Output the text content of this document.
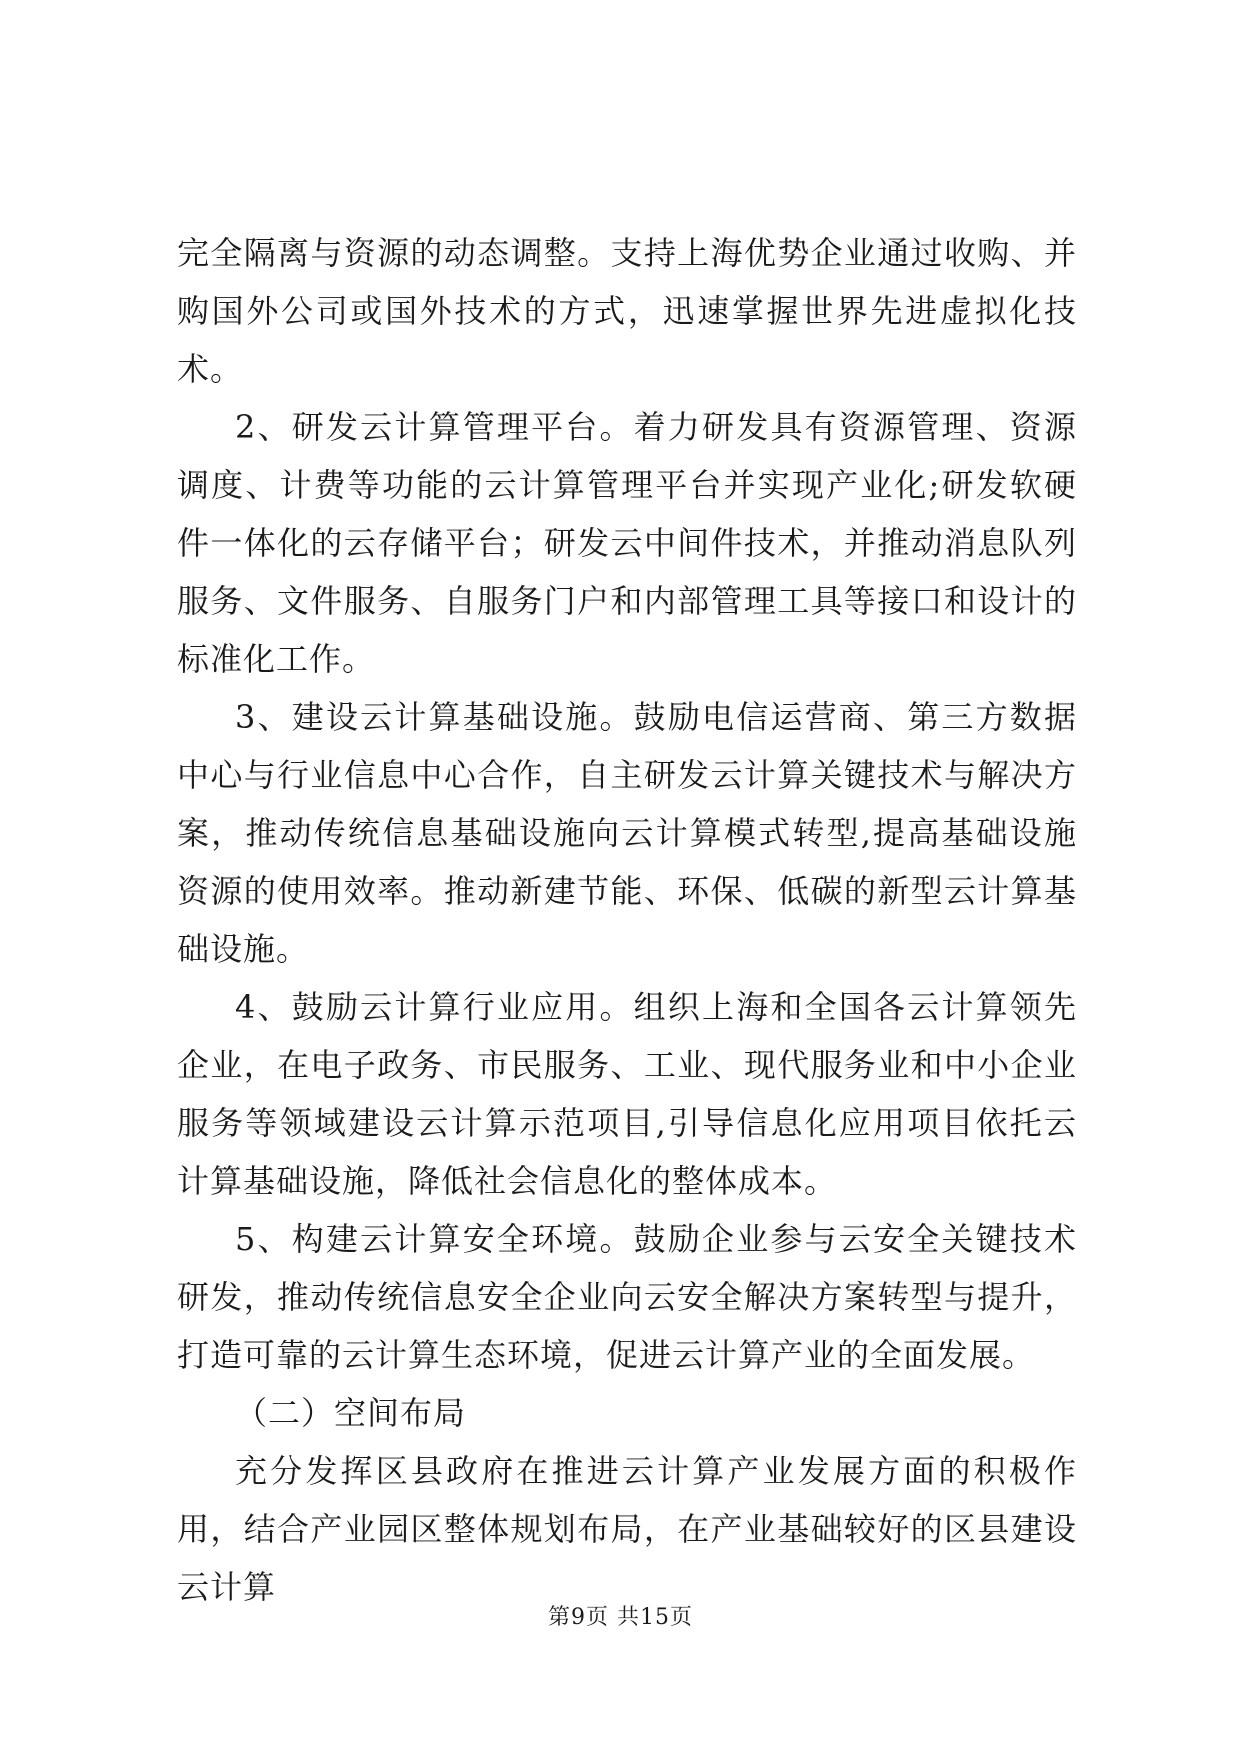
完全隔离与资源的动态调整。支持上海优势企业通过收购、并购国外公司或国外技术的方式，迅速掌握世界先进虚拟化技术。

2、研发云计算管理平台。着力研发具有资源管理、资源调度、计费等功能的云计算管理平台并实现产业化;研发软硬件一体化的云存储平台；研发云中间件技术，并推动消息队列服务、文件服务、自服务门户和内部管理工具等接口和设计的标准化工作。

3、建设云计算基础设施。鼓励电信运营商、第三方数据中心与行业信息中心合作，自主研发云计算关键技术与解决方案，推动传统信息基础设施向云计算模式转型,提高基础设施资源的使用效率。推动新建节能、环保、低碳的新型云计算基础设施。

4、鼓励云计算行业应用。组织上海和全国各云计算领先企业，在电子政务、市民服务、工业、现代服务业和中小企业服务等领域建设云计算示范项目,引导信息化应用项目依托云计算基础设施，降低社会信息化的整体成本。

5、构建云计算安全环境。鼓励企业参与云安全关键技术研发，推动传统信息安全企业向云安全解决方案转型与提升，打造可靠的云计算生态环境，促进云计算产业的全面发展。

（二）空间布局

充分发挥区县政府在推进云计算产业发展方面的积极作用，结合产业园区整体规划布局，在产业基础较好的区县建设云计算

第9页 共15页
